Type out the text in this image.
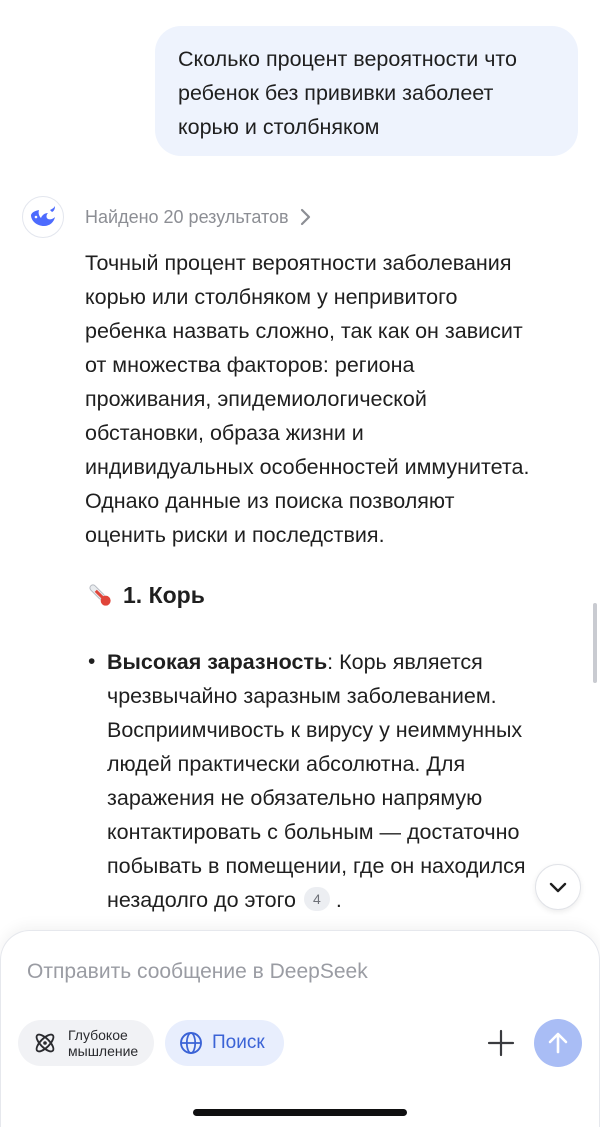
Сколько процент вероятности что
ребенок без прививки заболеет
корью и столбняком
Найдено 20 результатов
Точный процент вероятности заболевания
корью или столбняком у непривитого
ребенка назвать сложно, так как он зависит
от множества факторов: региона
проживания, эпидемиологической
обстановки, образа жизни и
индивидуальных особенностей иммунитета.
Однако данные из поиска позволяют
оценить риски и последствия.
1. Корь
• Высокая заразность: Корь является
чрезвычайно заразным заболеванием.
Восприимчивость к вирусу у неиммунных
людей практически абсолютна. Для
заражения не обязательно напрямую
контактировать с больным — достаточно
побывать в помещении, где он находился
незадолго до этого 4 .
Отправить сообщение в DeepSeek
Глубокое
мышление	Поиск
